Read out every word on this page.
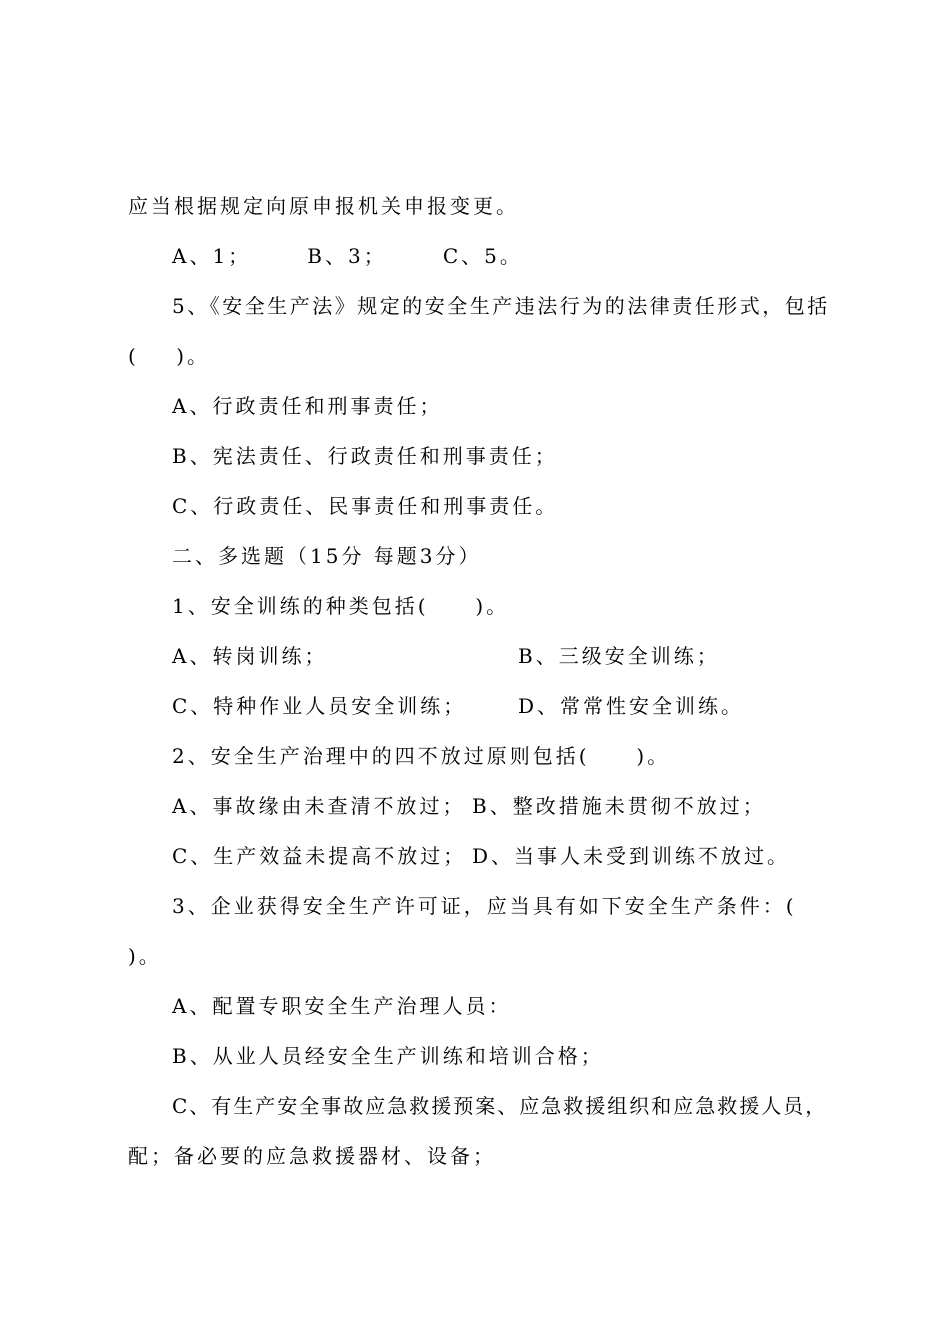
应当根据规定向原申报机关申报变更。
A、1；      B、3；      C、5。
5、《安全生产法》规定的安全生产违法行为的法律责任形式，包括
(    )。
A、行政责任和刑事责任；
B、宪法责任、行政责任和刑事责任；
C、行政责任、民事责任和刑事责任。
二、多选题（15分 每题3分）
1、安全训练的种类包括(     )。
A、转岗训练；	B、三级安全训练；
C、特种作业人员安全训练；	D、常常性安全训练。
2、安全生产治理中的四不放过原则包括(     )。
A、事故缘由未查清不放过； B、整改措施未贯彻不放过；
C、生产效益未提高不放过； D、当事人未受到训练不放过。
3、企业获得安全生产许可证，应当具有如下安全生产条件：(
)。
A、配置专职安全生产治理人员：
B、从业人员经安全生产训练和培训合格；
C、有生产安全事故应急救援预案、应急救援组织和应急救援人员，
配；备必要的应急救援器材、设备；
